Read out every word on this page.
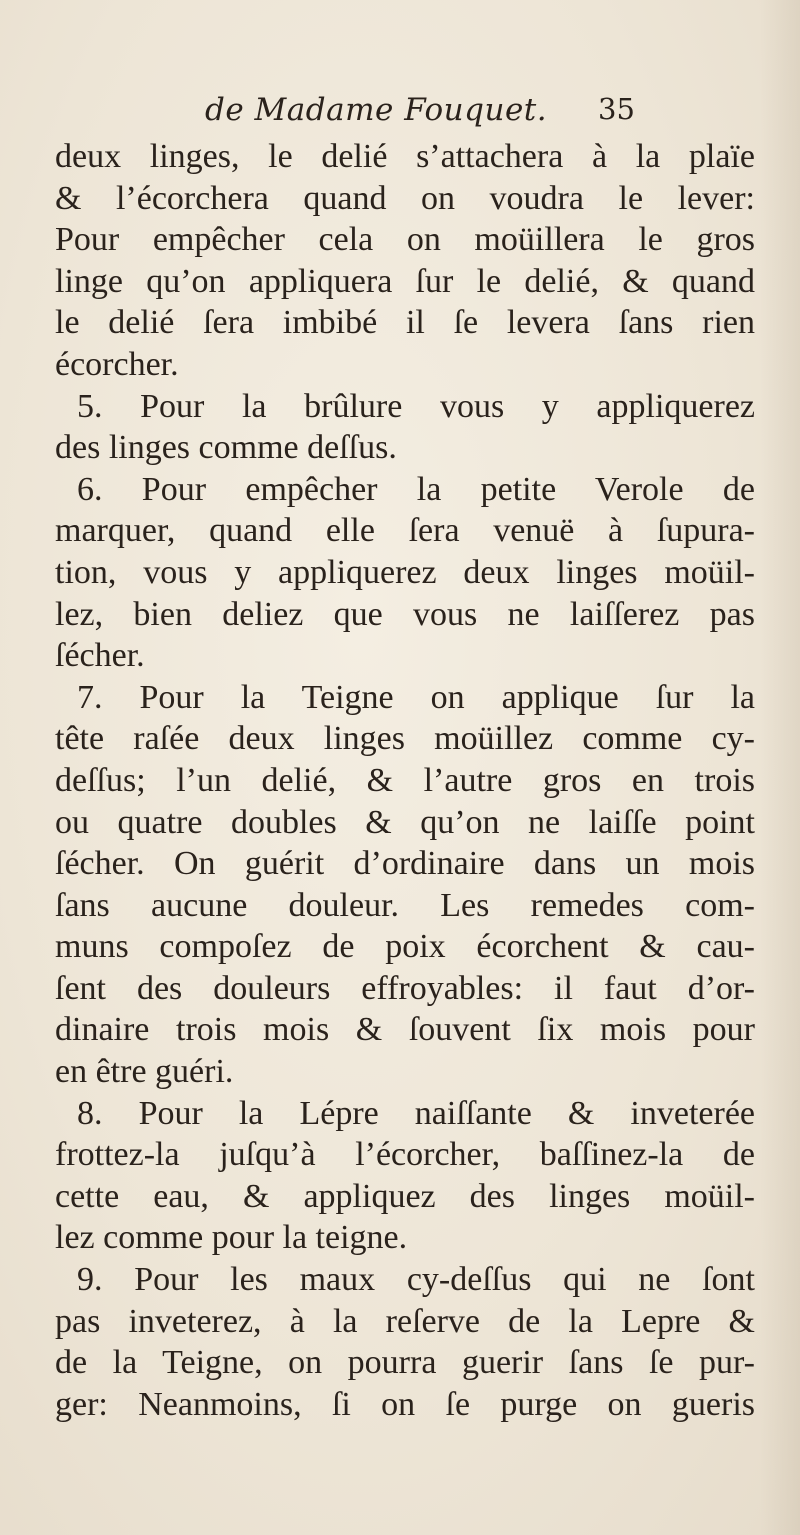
de Madame Fouquet. 35
deux linges, le delié s’attachera à la plaïe
& l’écorchera quand on voudra le lever:
Pour empêcher cela on moüillera le gros
linge qu’on appliquera ſur le delié, & quand
le delié ſera imbibé il ſe levera ſans rien
écorcher.
5. Pour la brûlure vous y appliquerez
des linges comme deſſus.
6. Pour empêcher la petite Verole de
marquer, quand elle ſera venuë à ſupura-
tion, vous y appliquerez deux linges moüil-
lez, bien deliez que vous ne laiſſerez pas
ſécher.
7. Pour la Teigne on applique ſur la
tête raſée deux linges moüillez comme cy-
deſſus; l’un delié, & l’autre gros en trois
ou quatre doubles & qu’on ne laiſſe point
ſécher. On guérit d’ordinaire dans un mois
ſans aucune douleur. Les remedes com-
muns compoſez de poix écorchent & cau-
ſent des douleurs effroyables: il faut d’or-
dinaire trois mois & ſouvent ſix mois pour
en être guéri.
8. Pour la Lépre naiſſante & inveterée
frottez-la juſqu’à l’écorcher, baſſinez-la de
cette eau, & appliquez des linges moüil-
lez comme pour la teigne.
9. Pour les maux cy-deſſus qui ne ſont
pas inveterez, à la reſerve de la Lepre &
de la Teigne, on pourra guerir ſans ſe pur-
ger: Neanmoins, ſi on ſe purge on gueris
